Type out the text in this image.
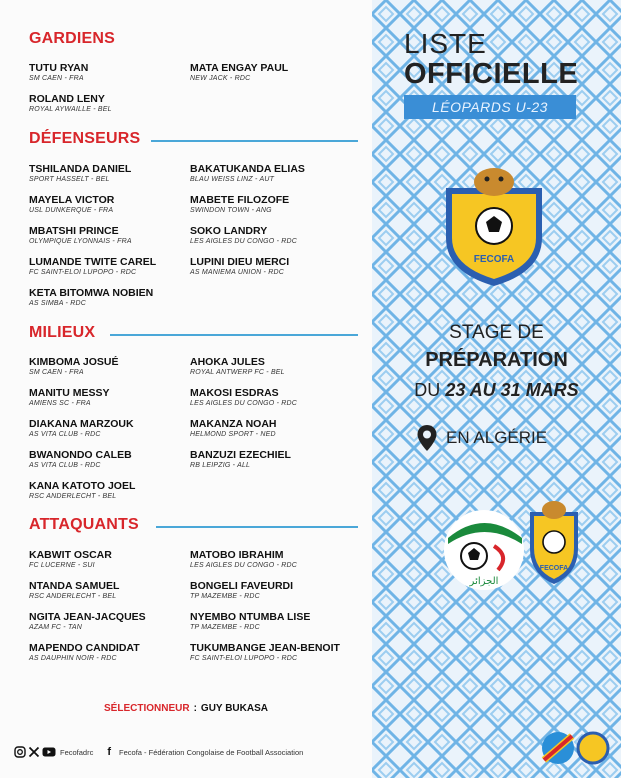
GARDIENS
TUTU RYAN
SM CAEN - FRA
MATA ENGAY PAUL
NEW JACK - RDC
ROLAND LENY
ROYAL AYWAILLE - BEL
DÉFENSEURS
TSHILANDA DANIEL
SPORT HASSELT - BEL
BAKATUKANDA ELIAS
BLAU WEISS LINZ - AUT
MAYELA VICTOR
USL DUNKERQUE - FRA
MABETE FILOZOFE
SWINDON TOWN - ANG
MBATSHI PRINCE
OLYMPIQUE LYONNAIS - FRA
SOKO LANDRY
LES AIGLES DU CONGO - RDC
LUMANDE TWITE CAREL
FC SAINT-ELOI LUPOPO - RDC
LUPINI DIEU MERCI
AS MANIEMA UNION - RDC
KETA BITOMWA NOBIEN
AS SIMBA - RDC
MILIEUX
KIMBOMA JOSUÉ
SM CAEN - FRA
AHOKA JULES
ROYAL ANTWERP FC - BEL
MANITU MESSY
AMIENS SC - FRA
MAKOSI ESDRAS
LES AIGLES DU CONGO - RDC
DIAKANA MARZOUK
AS VITA CLUB - RDC
MAKANZA NOAH
HELMOND SPORT - NED
BWANONDO CALEB
AS VITA CLUB - RDC
BANZUZI EZECHIEL
RB LEIPZIG - ALL
KANA KATOTO JOEL
RSC ANDERLECHT - BEL
ATTAQUANTS
KABWIT OSCAR
FC LUCERNE - SUI
MATOBO IBRAHIM
LES AIGLES DU CONGO - RDC
NTANDA SAMUEL
RSC ANDERLECHT - BEL
BONGELI FAVEURDI
TP MAZEMBE - RDC
NGITA JEAN-JACQUES
AZAM FC - TAN
NYEMBO NTUMBA LISE
TP MAZEMBE - RDC
MAPENDO CANDIDAT
AS DAUPHIN NOIR - RDC
TUKUMBANGE JEAN-BENOIT
FC SAINT-ELOI LUPOPO - RDC
SÉLECTIONNEUR : GUY BUKASA
Fecofadrc f Fecofa - Fédération Congolaise de Football Association
LISTE
OFFICIELLE
LÉOPARDS U-23
FECOFA
STAGE DE
PRÉPARATION
DU 23 AU 31 MARS
EN ALGÉRIE
الجزائر
FECOFA
